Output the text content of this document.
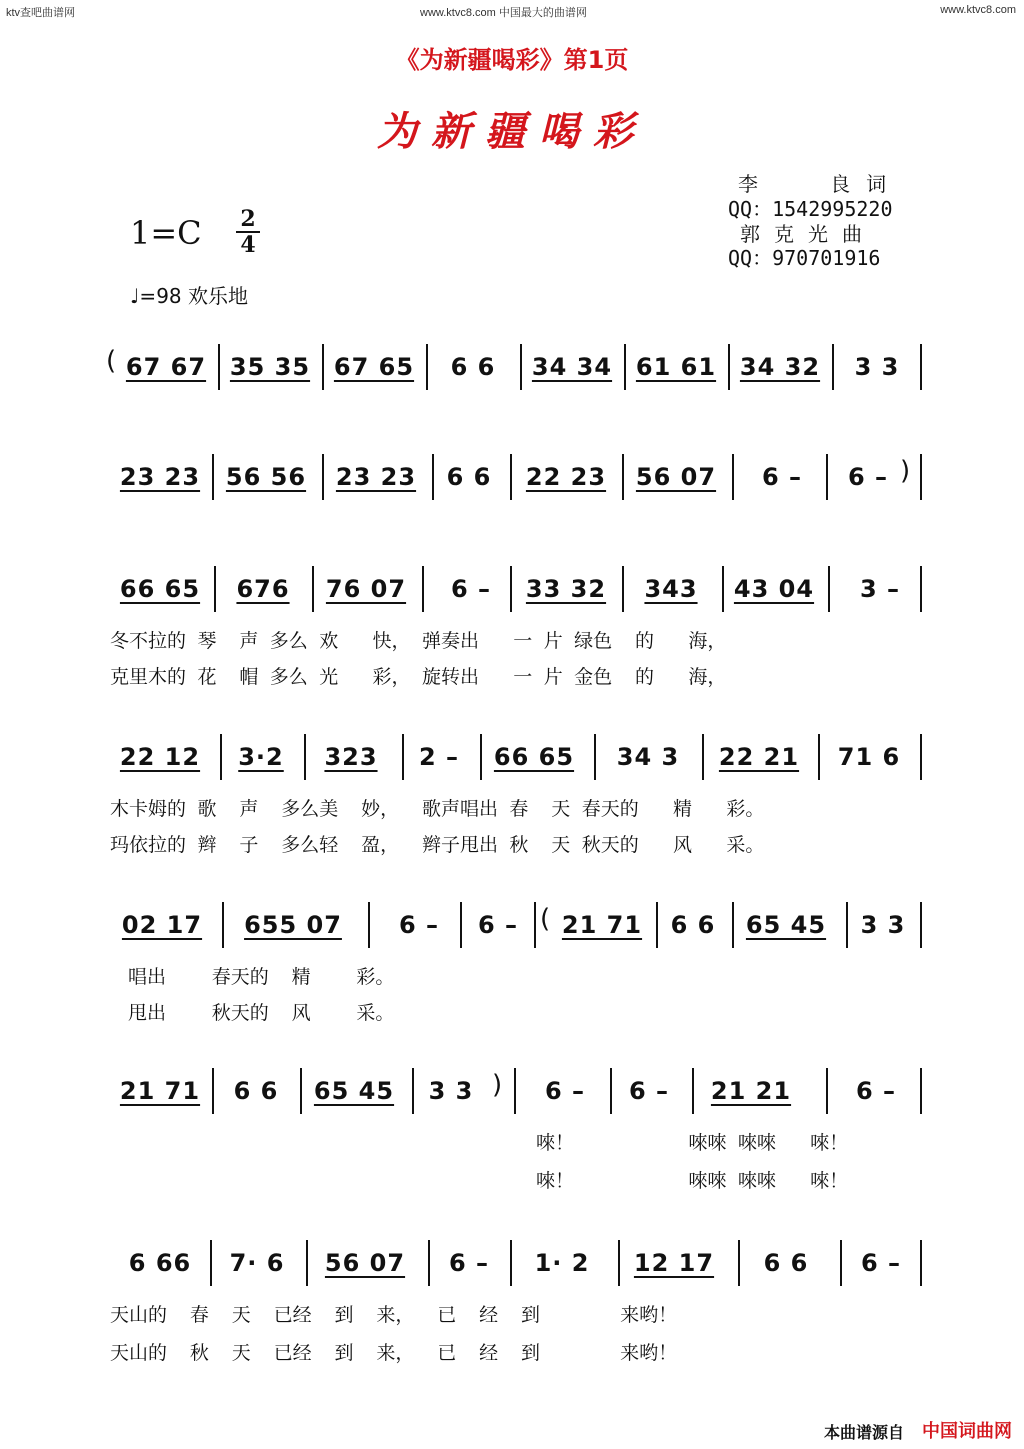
ktv查吧曲谱网	www.ktvc8.com 中国最大的曲谱网	www.ktvc8.com
《为新疆喝彩》第1页
为新疆喝彩
李  良词
QQ：1542995220
郭克光曲
QQ：970701916
1=C 2
4
♩=98 欢乐地
( 67 67 35 35 67 65	6 6	34 34 61 61 34 32	3 3
23 23	56 56	23 23	6 6	22 23	56 07	6 –	6 – )
66 65	676	76 07	6 –	33 32	343	43 04	3 –
冬不拉的 琴  声 多么 欢   快， 弹奏出   一 片 绿色  的   海，
克里木的 花  帽 多么 光   彩， 旋转出   一 片 金色  的   海，
22 12	3·2	323	2 –	66 65	34 3	22 21	71 6
木卡姆的 歌  声  多么美  妙，  歌声唱出 春  天 春天的   精   彩。
玛依拉的 辫  子  多么轻  盈，  辫子甩出 秋  天 秋天的   风   采。
02 17	655 07	6 –	6 – ( 21 71	6 6	65 45	3 3
唱出    春天的  精    彩。
甩出    秋天的  风    采。
21 71	6 6	65 45	3 3 )	6 –	6 –	21 21	6 –
唻！          唻唻 唻唻   唻！
唻！          唻唻 唻唻   唻！
6 66	7· 6	56 07	6 –	1· 2	12 17	6 6	6 –
天山的  春  天  已经  到  来，  已  经  到       来哟！
天山的  秋  天  已经  到  来，  已  经  到       来哟！
本曲谱源自 中国词曲网
